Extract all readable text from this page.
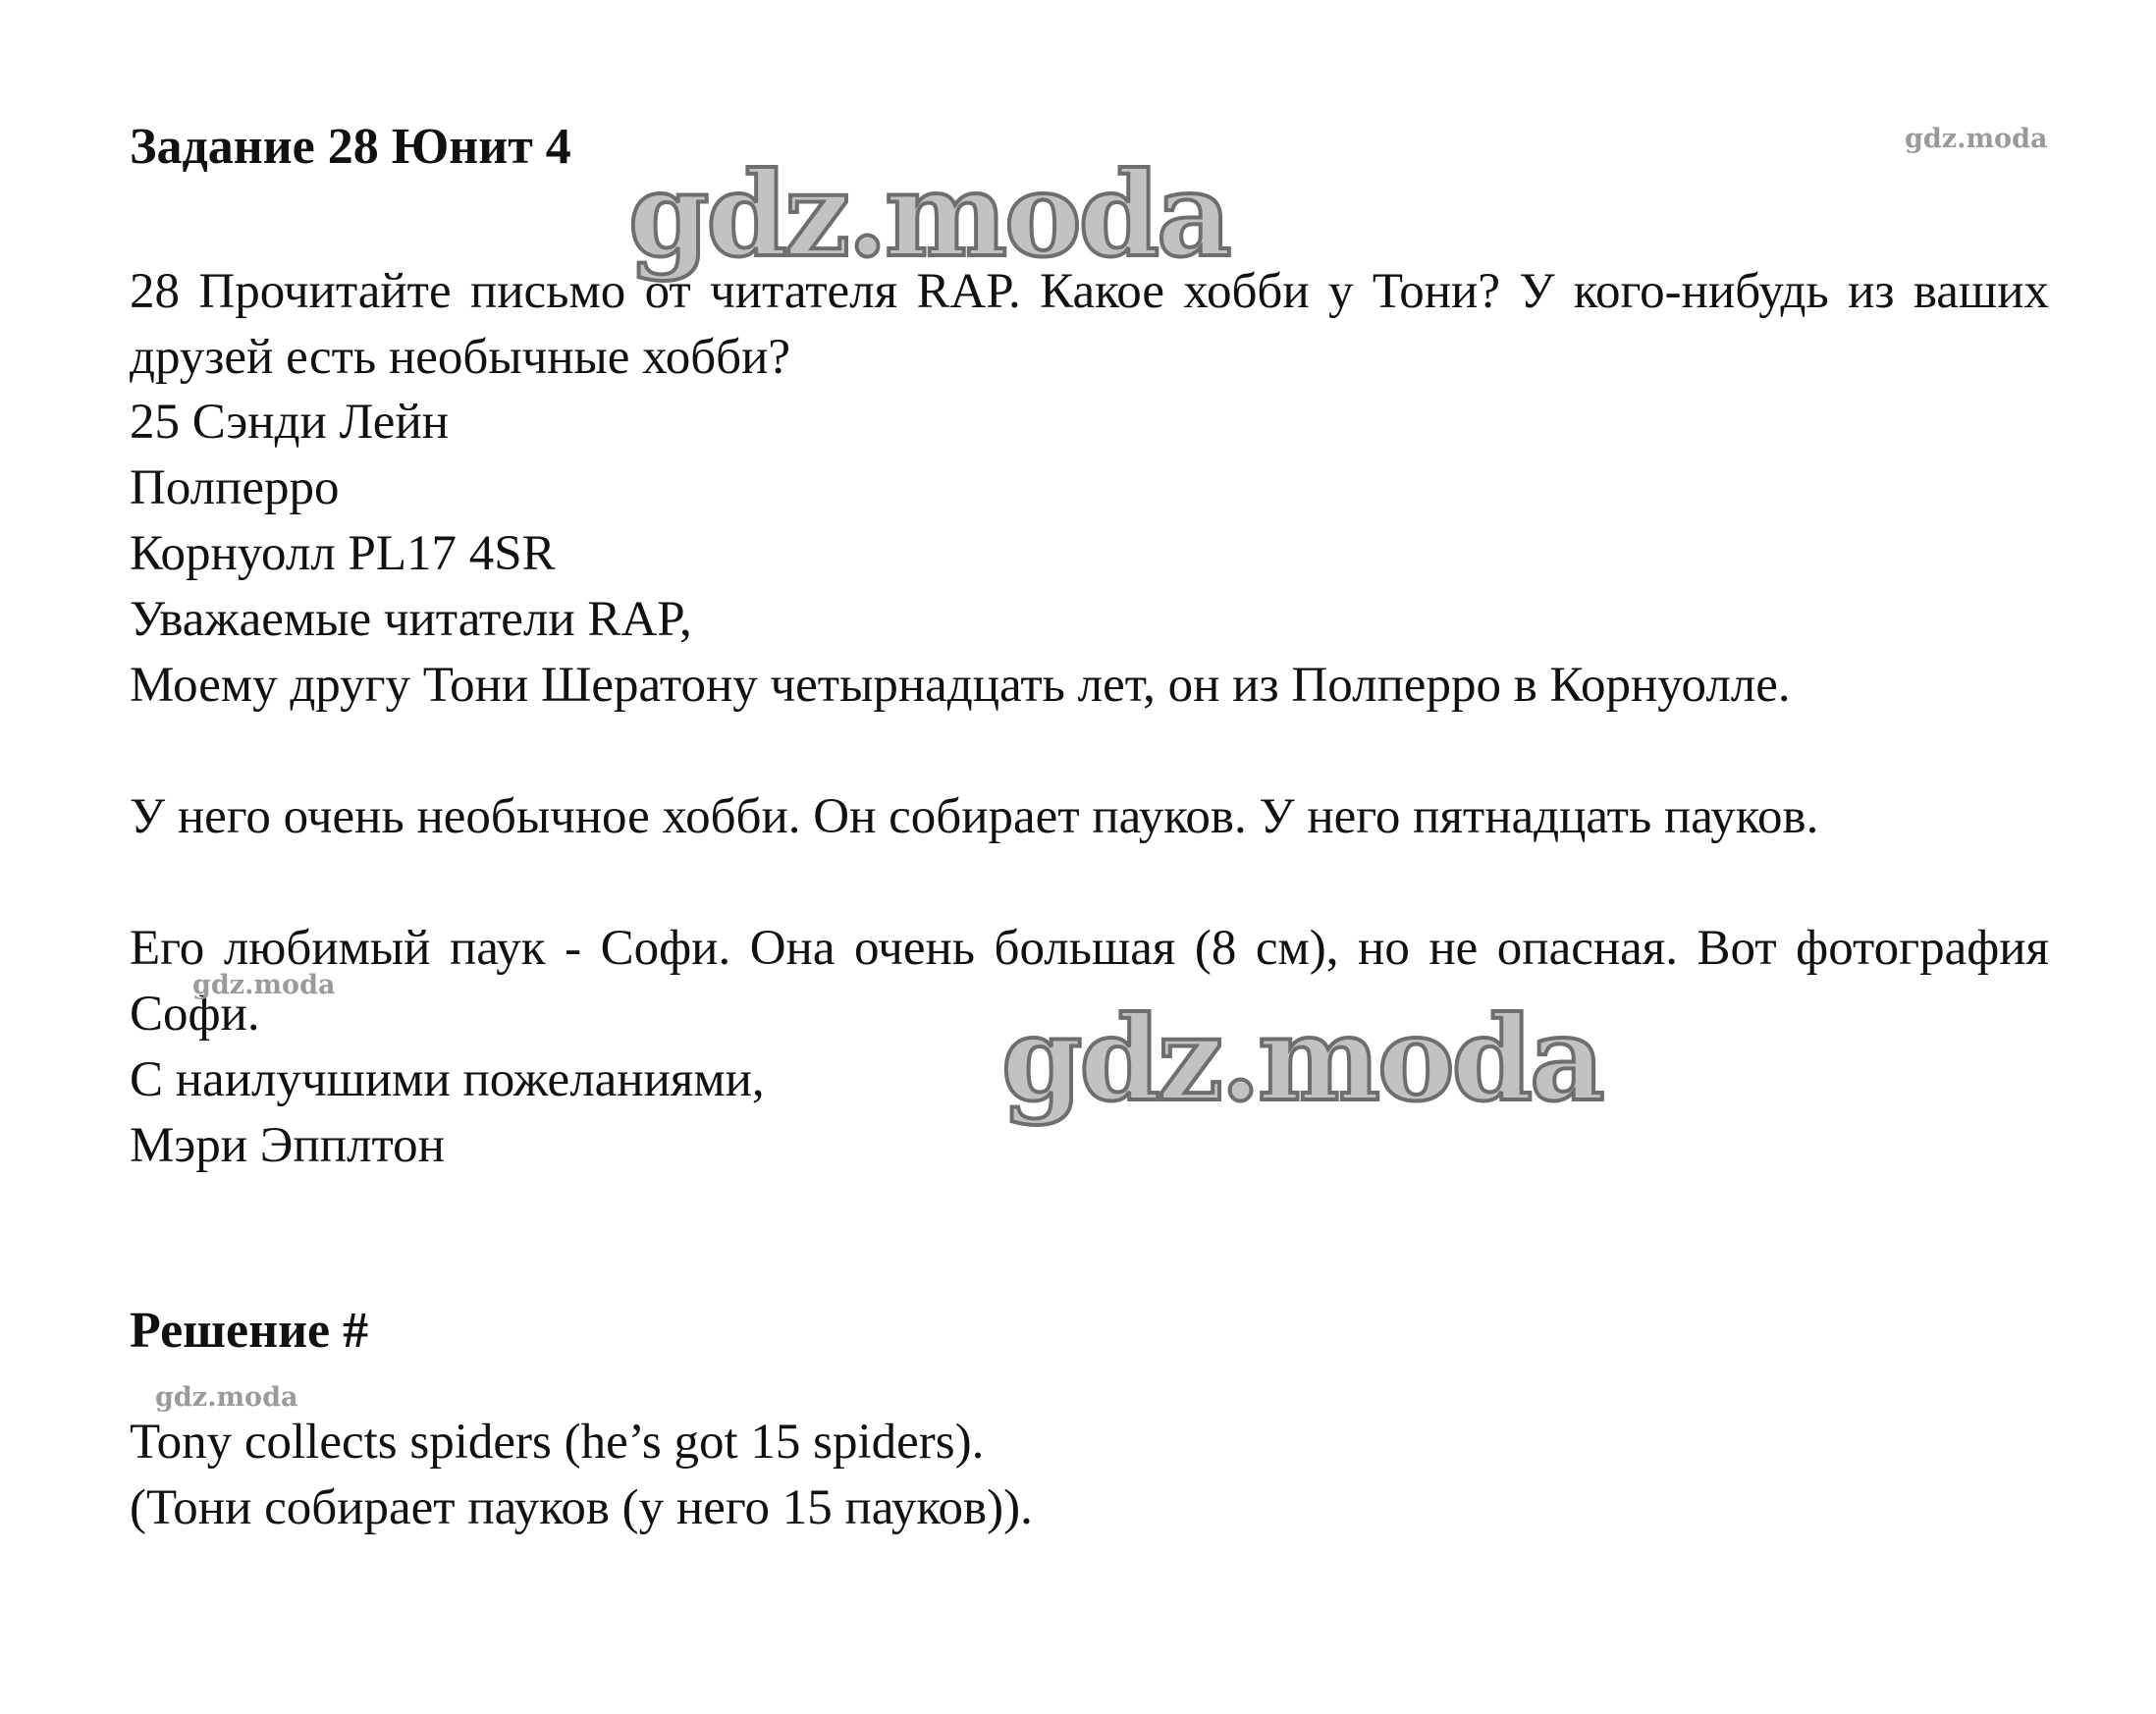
gdz.moda
gdz.moda
Задание 28 Юнит 4
28 Прочитайте письмо от читателя RAP. Какое хобби у Тони? У кого-нибудь из ваших друзей есть необычные хобби?
25 Сэнди Лейн
Полперро
Корнуолл PL17 4SR
Уважаемые читатели RAP,
Моему другу Тони Шератону четырнадцать лет, он из Полперро в Корнуолле.
У него очень необычное хобби. Он собирает пауков. У него пятнадцать пауков.
Его любимый паук - Софи. Она очень большая (8 см), но не опасная. Вот фотография Софи.
gdz.moda
С наилучшими пожеланиями,
Мэри Эпплтон
gdz.moda
Решение #
gdz.moda
Tony collects spiders (he’s got 15 spiders).
(Тони собирает пауков (у него 15 пауков)).
